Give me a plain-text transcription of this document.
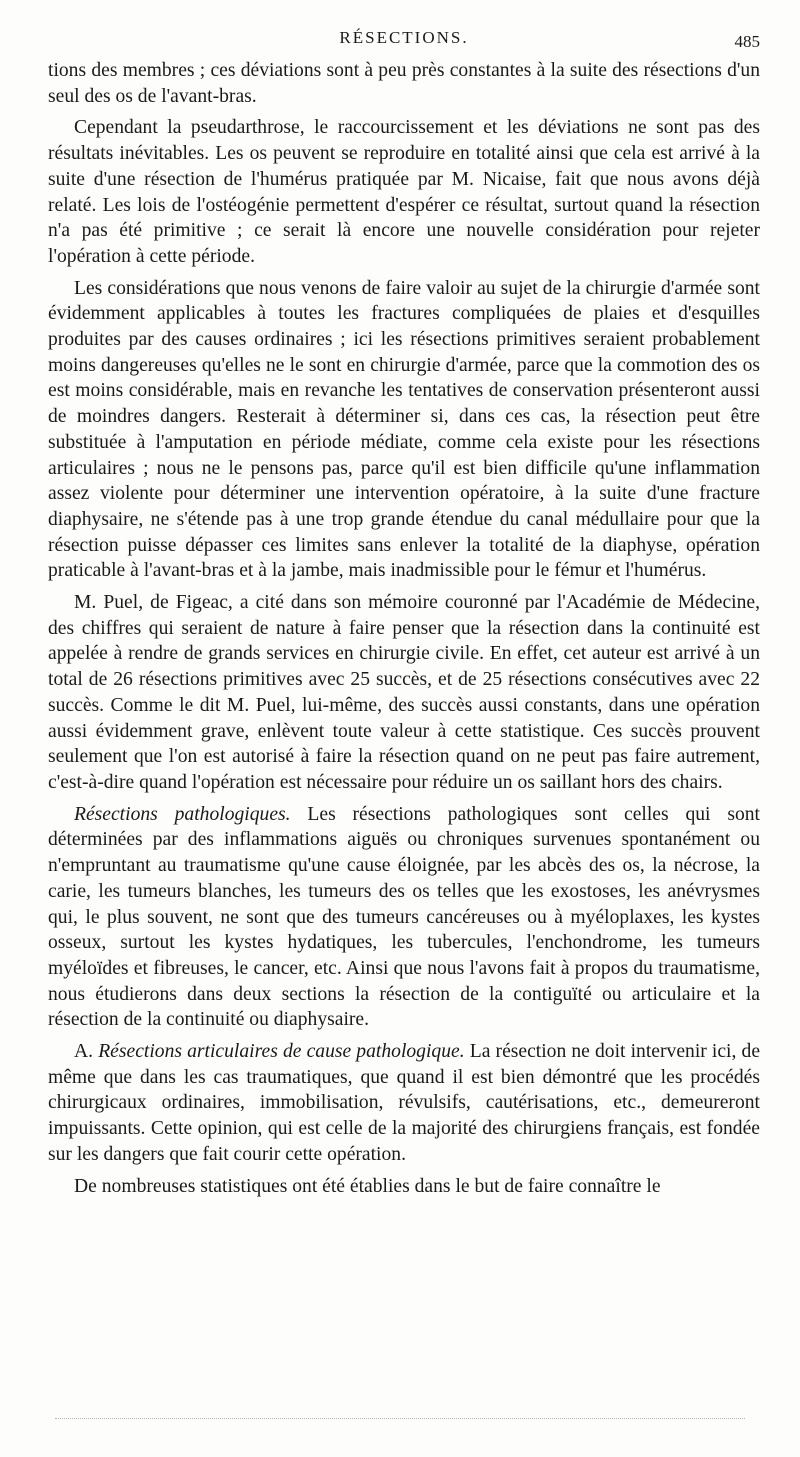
RÉSECTIONS.	485

tions des membres ; ces déviations sont à peu près constantes à la suite des résections d'un seul des os de l'avant-bras.

Cependant la pseudarthrose, le raccourcissement et les déviations ne sont pas des résultats inévitables. Les os peuvent se reproduire en totalité ainsi que cela est arrivé à la suite d'une résection de l'humérus pratiquée par M. Nicaise, fait que nous avons déjà relaté. Les lois de l'ostéogénie permettent d'espérer ce résultat, surtout quand la résection n'a pas été primitive ; ce serait là encore une nouvelle considération pour rejeter l'opération à cette période.

Les considérations que nous venons de faire valoir au sujet de la chirurgie d'armée sont évidemment applicables à toutes les fractures compliquées de plaies et d'esquilles produites par des causes ordinaires ; ici les résections primitives seraient probablement moins dangereuses qu'elles ne le sont en chirurgie d'armée, parce que la commotion des os est moins considérable, mais en revanche les tentatives de conservation présenteront aussi de moindres dangers. Resterait à déterminer si, dans ces cas, la résection peut être substituée à l'amputation en période médiate, comme cela existe pour les résections articulaires ; nous ne le pensons pas, parce qu'il est bien difficile qu'une inflammation assez violente pour déterminer une intervention opératoire, à la suite d'une fracture diaphysaire, ne s'étende pas à une trop grande étendue du canal médullaire pour que la résection puisse dépasser ces limites sans enlever la totalité de la diaphyse, opération praticable à l'avant-bras et à la jambe, mais inadmissible pour le fémur et l'humérus.

M. Puel, de Figeac, a cité dans son mémoire couronné par l'Académie de Médecine, des chiffres qui seraient de nature à faire penser que la résection dans la continuité est appelée à rendre de grands services en chirurgie civile. En effet, cet auteur est arrivé à un total de 26 résections primitives avec 25 succès, et de 25 résections consécutives avec 22 succès. Comme le dit M. Puel, lui-même, des succès aussi constants, dans une opération aussi évidemment grave, enlèvent toute valeur à cette statistique. Ces succès prouvent seulement que l'on est autorisé à faire la résection quand on ne peut pas faire autrement, c'est-à-dire quand l'opération est nécessaire pour réduire un os saillant hors des chairs.

Résections pathologiques. Les résections pathologiques sont celles qui sont déterminées par des inflammations aiguës ou chroniques survenues spontanément ou n'empruntant au traumatisme qu'une cause éloignée, par les abcès des os, la nécrose, la carie, les tumeurs blanches, les tumeurs des os telles que les exostoses, les anévrysmes qui, le plus souvent, ne sont que des tumeurs cancéreuses ou à myéloplaxes, les kystes osseux, surtout les kystes hydatiques, les tubercules, l'enchondrome, les tumeurs myéloïdes et fibreuses, le cancer, etc. Ainsi que nous l'avons fait à propos du traumatisme, nous étudierons dans deux sections la résection de la contiguïté ou articulaire et la résection de la continuité ou diaphysaire.

A. Résections articulaires de cause pathologique. La résection ne doit intervenir ici, de même que dans les cas traumatiques, que quand il est bien démontré que les procédés chirurgicaux ordinaires, immobilisation, révulsifs, cautérisations, etc., demeureront impuissants. Cette opinion, qui est celle de la majorité des chirurgiens français, est fondée sur les dangers que fait courir cette opération.

De nombreuses statistiques ont été établies dans le but de faire connaître le
